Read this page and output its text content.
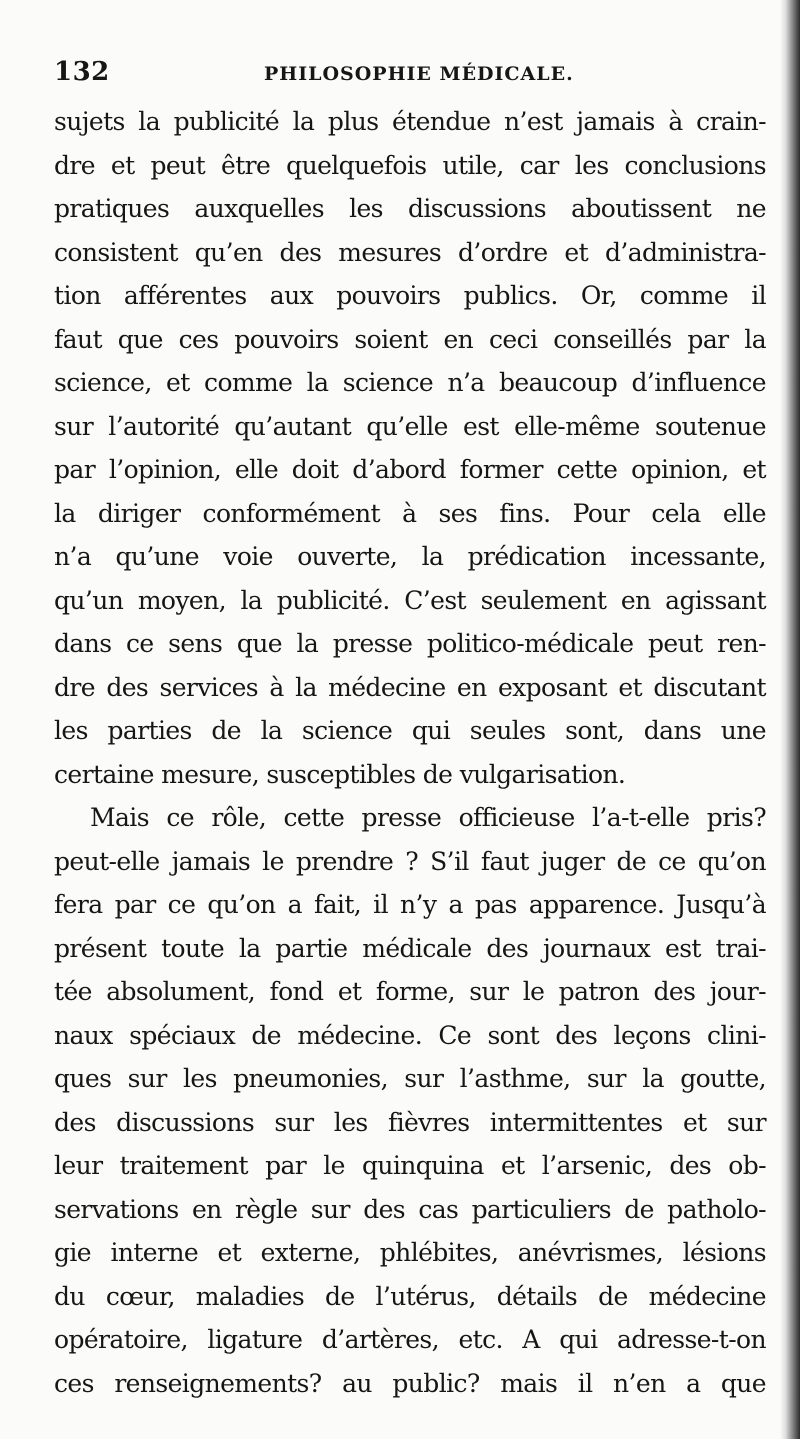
132	PHILOSOPHIE MÉDICALE.
sujets la publicité la plus étendue n’est jamais à crain-
dre et peut être quelquefois utile, car les conclusions
pratiques auxquelles les discussions aboutissent ne
consistent qu’en des mesures d’ordre et d’administra-
tion afférentes aux pouvoirs publics. Or, comme il
faut que ces pouvoirs soient en ceci conseillés par la
science, et comme la science n’a beaucoup d’influence
sur l’autorité qu’autant qu’elle est elle-même soutenue
par l’opinion, elle doit d’abord former cette opinion, et
la diriger conformément à ses fins. Pour cela elle
n’a qu’une voie ouverte, la prédication incessante,
qu’un moyen, la publicité. C’est seulement en agissant
dans ce sens que la presse politico-médicale peut ren-
dre des services à la médecine en exposant et discutant
les parties de la science qui seules sont, dans une
certaine mesure, susceptibles de vulgarisation.
Mais ce rôle, cette presse officieuse l’a-t-elle pris?
peut-elle jamais le prendre ? S’il faut juger de ce qu’on
fera par ce qu’on a fait, il n’y a pas apparence. Jusqu’à
présent toute la partie médicale des journaux est trai-
tée absolument, fond et forme, sur le patron des jour-
naux spéciaux de médecine. Ce sont des leçons clini-
ques sur les pneumonies, sur l’asthme, sur la goutte,
des discussions sur les fièvres intermittentes et sur
leur traitement par le quinquina et l’arsenic, des ob-
servations en règle sur des cas particuliers de patholo-
gie interne et externe, phlébites, anévrismes, lésions
du cœur, maladies de l’utérus, détails de médecine
opératoire, ligature d’artères, etc. A qui adresse-t-on
ces renseignements? au public? mais il n’en a que
